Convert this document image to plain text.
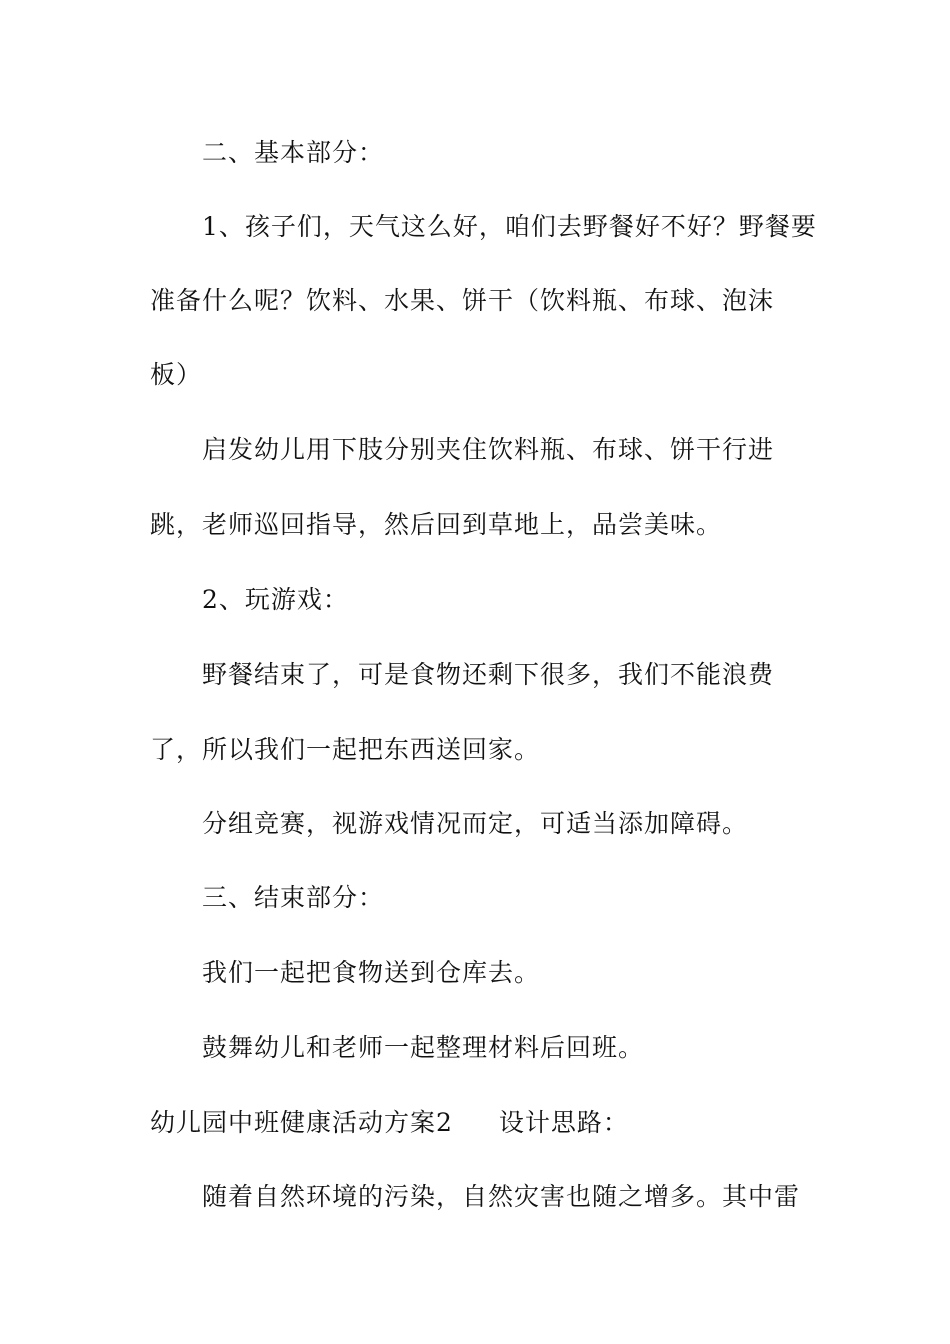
二、基本部分：
1、孩子们，天气这么好，咱们去野餐好不好？野餐要
准备什么呢？饮料、水果、饼干（饮料瓶、布球、泡沫
板）
启发幼儿用下肢分别夹住饮料瓶、布球、饼干行进
跳，老师巡回指导，然后回到草地上，品尝美味。
2、玩游戏：
野餐结束了，可是食物还剩下很多，我们不能浪费
了，所以我们一起把东西送回家。
分组竞赛，视游戏情况而定，可适当添加障碍。
三、结束部分：
我们一起把食物送到仓库去。
鼓舞幼儿和老师一起整理材料后回班。
幼儿园中班健康活动方案2 设计思路：
随着自然环境的污染，自然灾害也随之增多。其中雷
